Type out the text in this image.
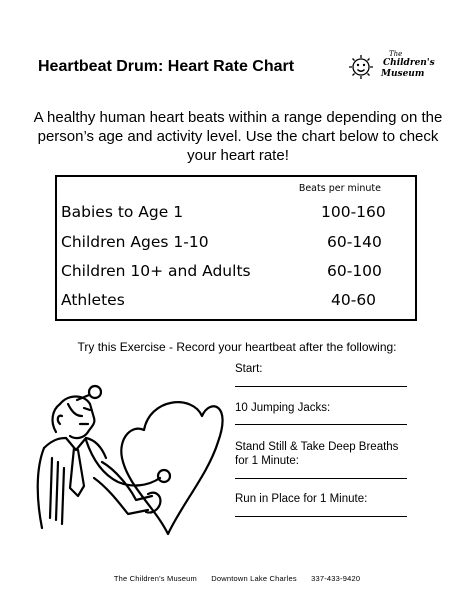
Heartbeat Drum: Heart Rate Chart
The
Children's
Museum
A healthy human heart beats within a range depending on the person’s age and activity level. Use the chart below to check your heart rate!
Beats per minute
Babies to Age 1	100-160
Children Ages 1-10	60-140
Children 10+ and Adults	60-100
Athletes	40-60
Try this Exercise - Record your heartbeat after the following:
Start:
10 Jumping Jacks:
Stand Still & Take Deep Breaths for 1 Minute:
Run in Place for 1 Minute:
The Children's Museum Downtown Lake Charles 337-433-9420
